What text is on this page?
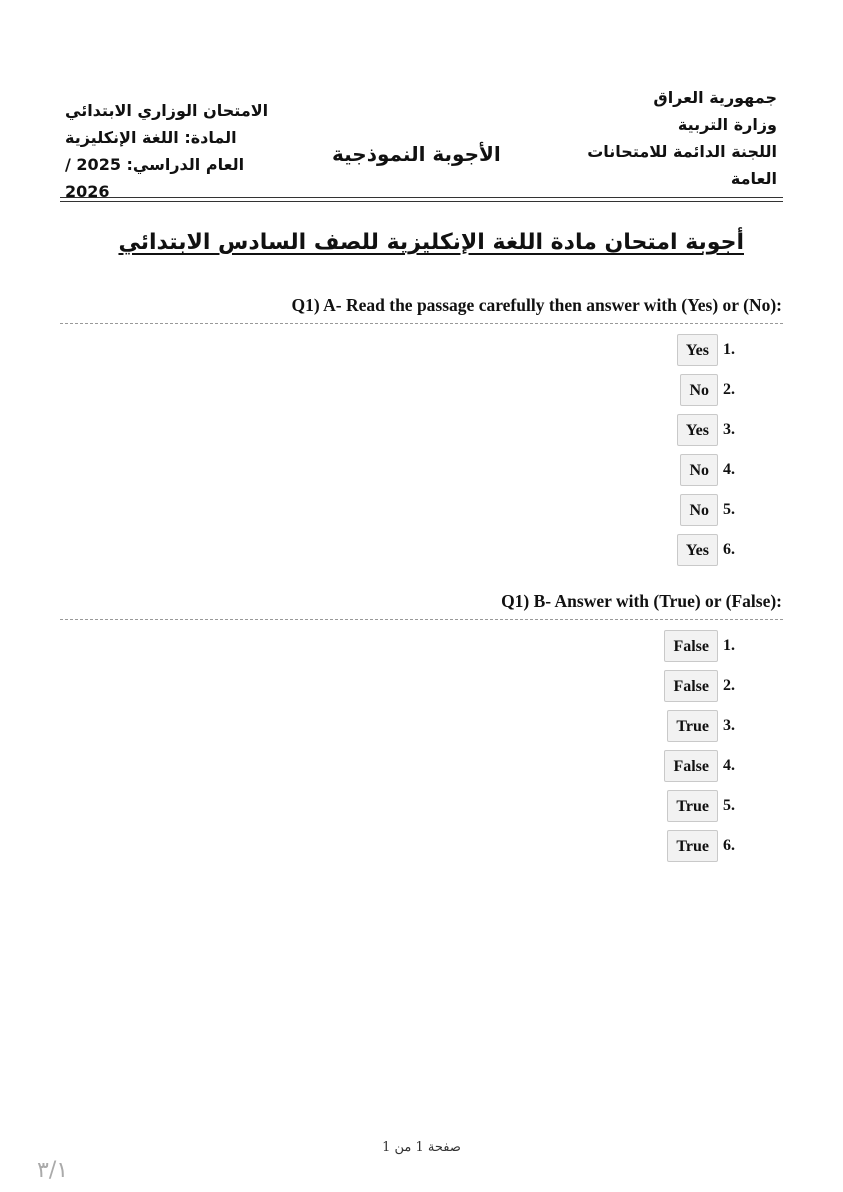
جمهورية العراق
وزارة التربية
اللجنة الدائمة للامتحانات
العامة
الأجوبة النموذجية
الامتحان الوزاري الابتدائي
المادة: اللغة الإنكليزية
العام الدراسي: 2025 / 2026
أجوبة امتحان مادة اللغة الإنكليزية للصف السادس الابتدائي
Q1) A- Read the passage carefully then answer with (Yes) or (No):
Yes 1.
No 2.
Yes 3.
No 4.
No 5.
Yes 6.
Q1) B- Answer with (True) or (False):
False 1.
False 2.
True 3.
False 4.
True 5.
True 6.
صفحة 1 من 1
٣/١
